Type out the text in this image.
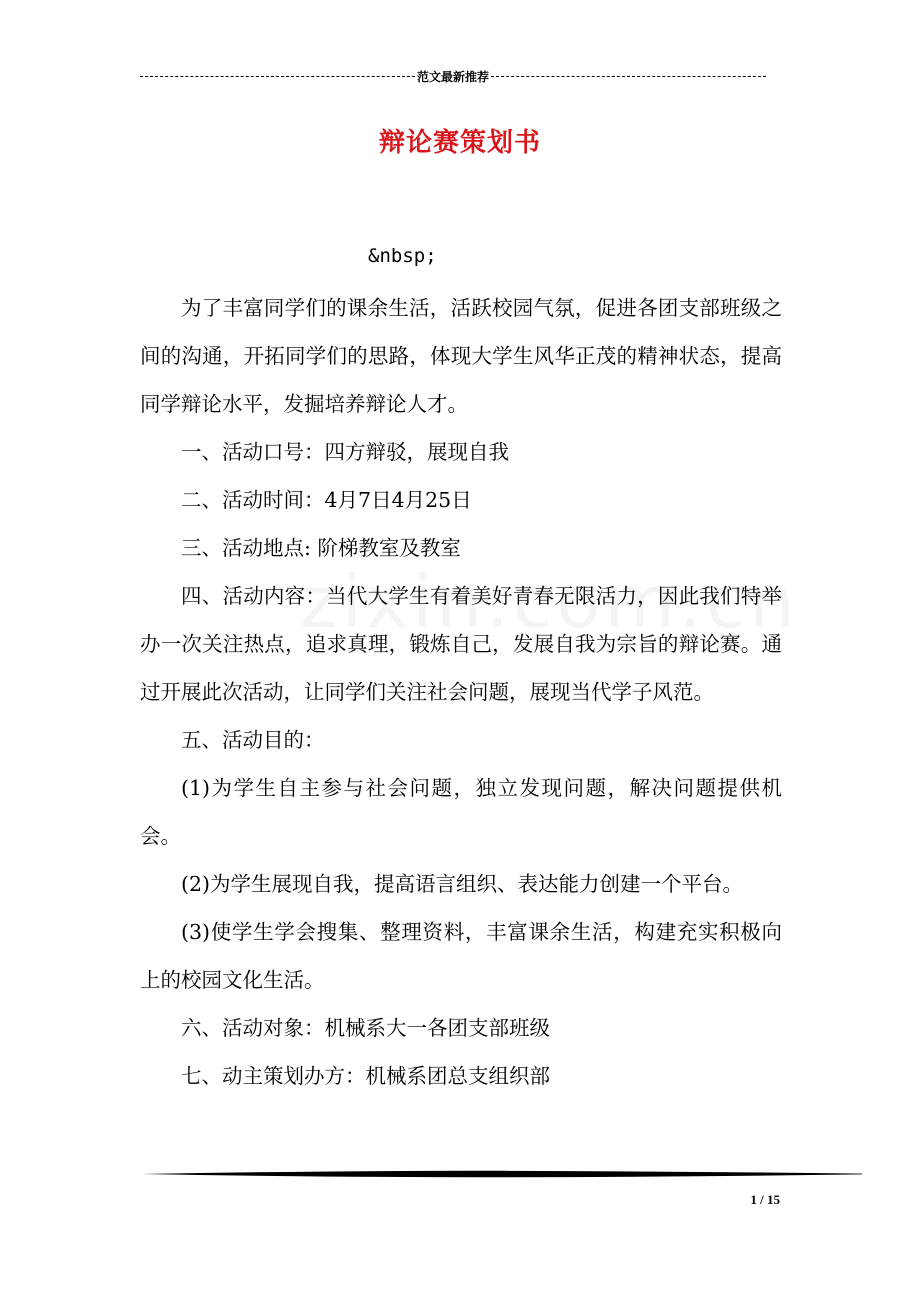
范文最新推荐
辩论赛策划书
&nbsp;

为了丰富同学们的课余生活，活跃校园气氛，促进各团支部班级之间的沟通，开拓同学们的思路，体现大学生风华正茂的精神状态，提高同学辩论水平，发掘培养辩论人才。

一、活动口号：四方辩驳，展现自我

二、活动时间：4月7日4月25日

三、活动地点: 阶梯教室及教室

四、活动内容：当代大学生有着美好青春无限活力，因此我们特举办一次关注热点，追求真理，锻炼自己，发展自我为宗旨的辩论赛。通过开展此次活动，让同学们关注社会问题，展现当代学子风范。

五、活动目的：

(1)为学生自主参与社会问题，独立发现问题，解决问题提供机会。

(2)为学生展现自我，提高语言组织、表达能力创建一个平台。

(3)使学生学会搜集、整理资料，丰富课余生活，构建充实积极向上的校园文化生活。

六、活动对象：机械系大一各团支部班级

七、动主策划办方：机械系团总支组织部

1 / 15
